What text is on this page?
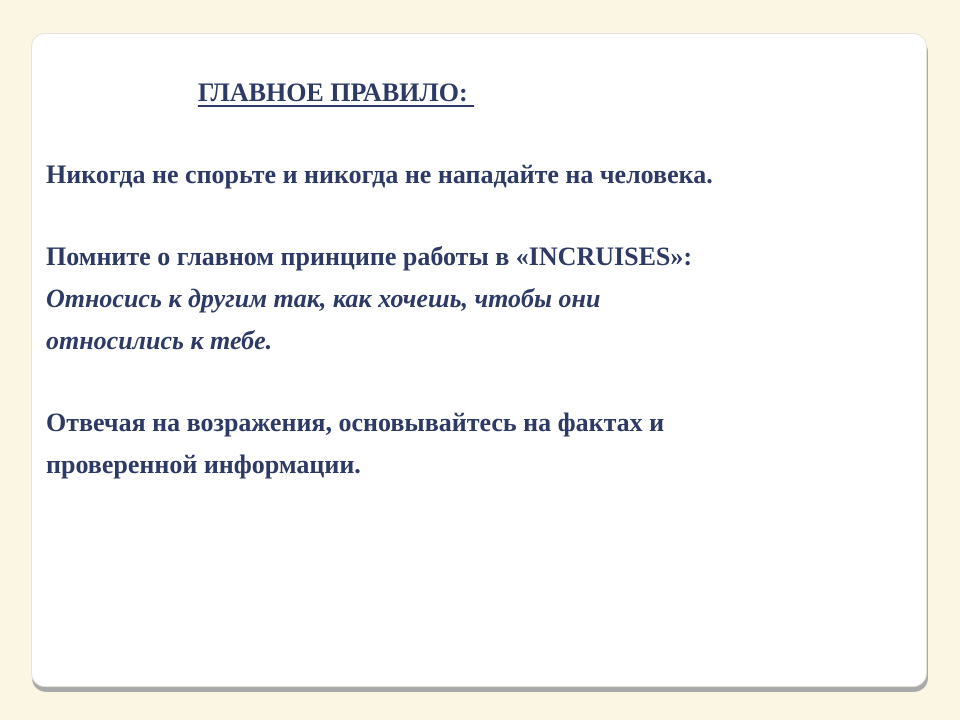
ГЛАВНОЕ ПРАВИЛО:
Никогда не спорьте и никогда не нападайте на человека.
Помните о главном принципе работы в «INCRUISES»:
Относись к другим так, как хочешь, чтобы они
относились к тебе.
Отвечая на возражения, основывайтесь на фактах и
проверенной информации.
